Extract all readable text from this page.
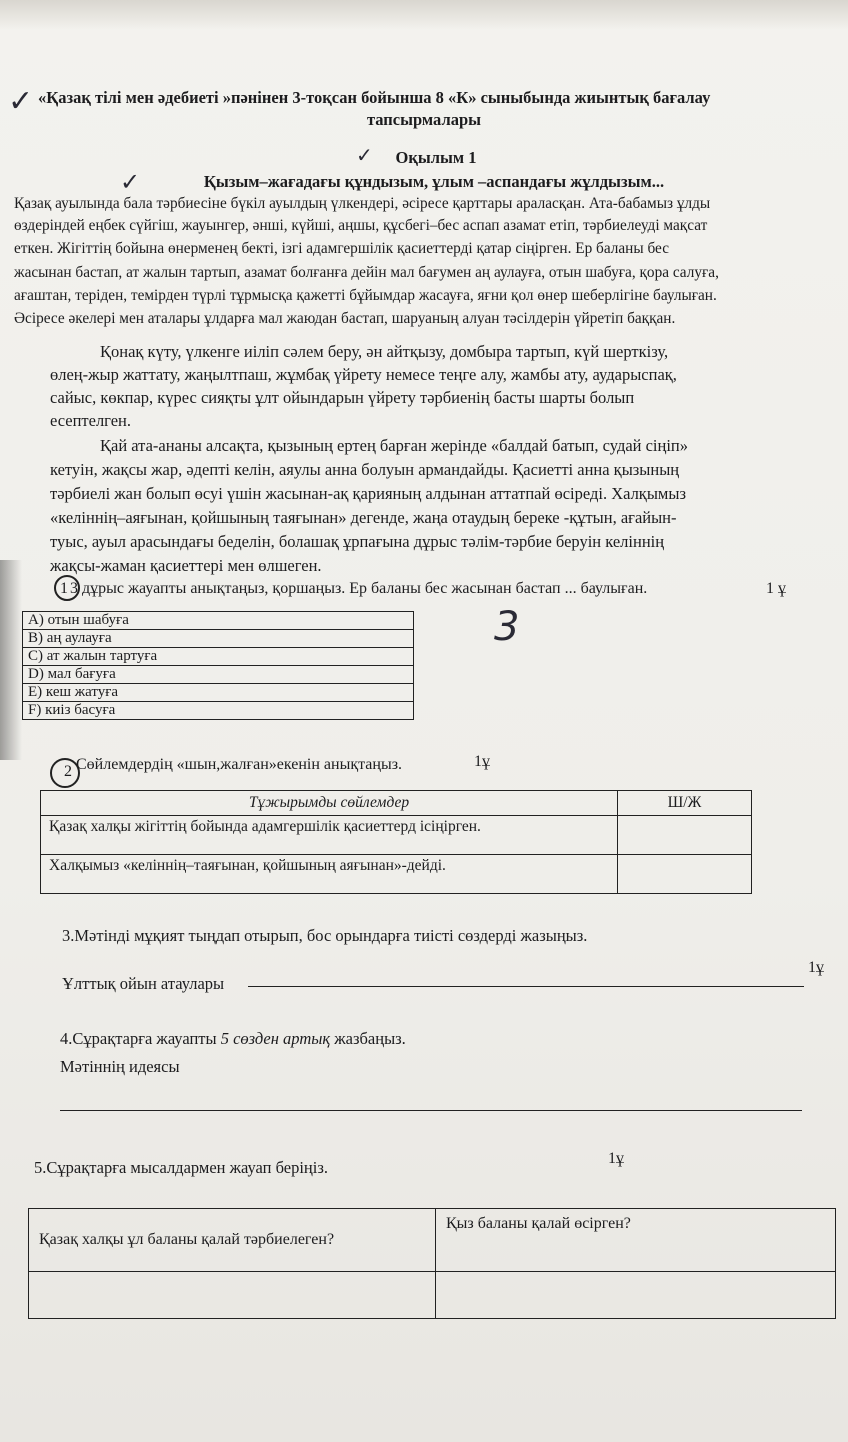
✓ «Қазақ тілі мен әдебиеті »пәнінен 3-тоқсан бойынша 8 «К» сыныбында жиынтық бағалау
тапсырмалары
✓	Оқылым 1
✓	Қызым–жағадағы құндызым, ұлым –аспандағы жұлдызым...
Қазақ ауылында бала тәрбиесіне бүкіл ауылдың үлкендері, әсіресе қарттары араласқан. Ата-бабамыз ұлды
өздеріндей еңбек сүйгіш, жауынгер, әнші, күйші, аңшы, құсбегі–бес аспап азамат етіп, тәрбиелеуді мақсат
еткен. Жігіттің бойына өнерменең бекті, ізгі адамгершілік қасиеттерді қатар сіңірген. Ер баланы бес
жасынан бастап, ат жалын тартып, азамат болғанға дейін мал бағумен аң аулауға, отын шабуға, қора салуға,
ағаштан, теріден, темірден түрлі тұрмысқа қажетті бұйымдар жасауға, яғни қол өнер шеберлігіне баулыған.
Әсіресе әкелері мен аталары ұлдарға мал жаюдан бастап, шаруаның алуан тәсілдерін үйретіп баққан.
Қонақ күту, үлкенге иіліп сәлем беру, ән айтқызу, домбыра тартып, күй шерткізу,
өлең-жыр жаттату, жаңылтпаш, жұмбақ үйрету немесе теңге алу, жамбы ату, аударыспақ,
сайыс, көкпар, күрес сияқты ұлт ойындарын үйрету тәрбиенің басты шарты болып
есептелген.
Қай ата-ананы алсақта, қызының ертең барған жерінде «балдай батып, судай сіңіп»
кетуін, жақсы жар, әдепті келін, аяулы анна болуын армандайды. Қасиетті анна қызының
тәрбиелі жан болып өсуі үшін жасынан-ақ қарияның алдынан аттатпай өсіреді. Халқымыз
«келіннің–аяғынан, қойшының таяғынан» дегенде, жаңа отаудың береке -құтын, ағайын-
туыс, ауыл арасындағы беделін, болашақ ұрпағына дұрыс тәлім-тәрбие беруін келіннің
жақсы-жаман қасиеттері мен өлшеген.
1 3 дұрыс жауапты анықтаңыз, қоршаңыз. Ер баланы бес жасынан бастап ... баулыған.	1 ұ
A) отын шабуға
B) аң аулауға
C) ат жалын тартуға
D) мал бағуға
E) кеш жатуға
F) киіз басуға
3
2 Сөйлемдердің «шын,жалған»екенін анықтаңыз.	1ұ
Тұжырымды сөйлемдер	Ш/Ж
Қазақ халқы жігіттің бойында адамгершілік қасиеттерд ісіңірген.	
Халқымыз «келіннің–таяғынан, қойшының аяғынан»-дейді.	
3.Мәтінді мұқият тыңдап отырып, бос орындарға тиісті сөздерді жазыңыз.
Ұлттық ойын атаулары
1ұ
4.Сұрақтарға жауапты 5 сөзден артық жазбаңыз.
Мәтіннің идеясы
5.Сұрақтарға мысалдармен жауап беріңіз.	1ұ
Қазақ халқы ұл баланы қалай тәрбиелеген?	Қыз баланы қалай өсірген?
